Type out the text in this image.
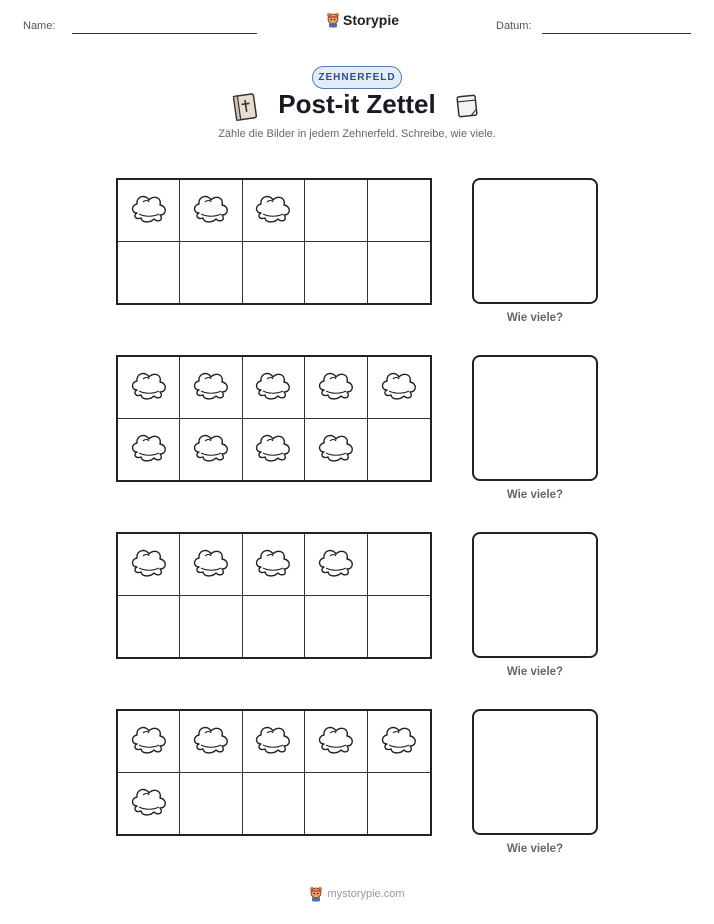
Name:	Storypie	Datum:
ZEHNERFELD
Post-it Zettel
Zähle die Bilder in jedem Zehnerfeld. Schreibe, wie viele.
Wie viele?
Wie viele?
Wie viele?
Wie viele?
mystorypie.com
